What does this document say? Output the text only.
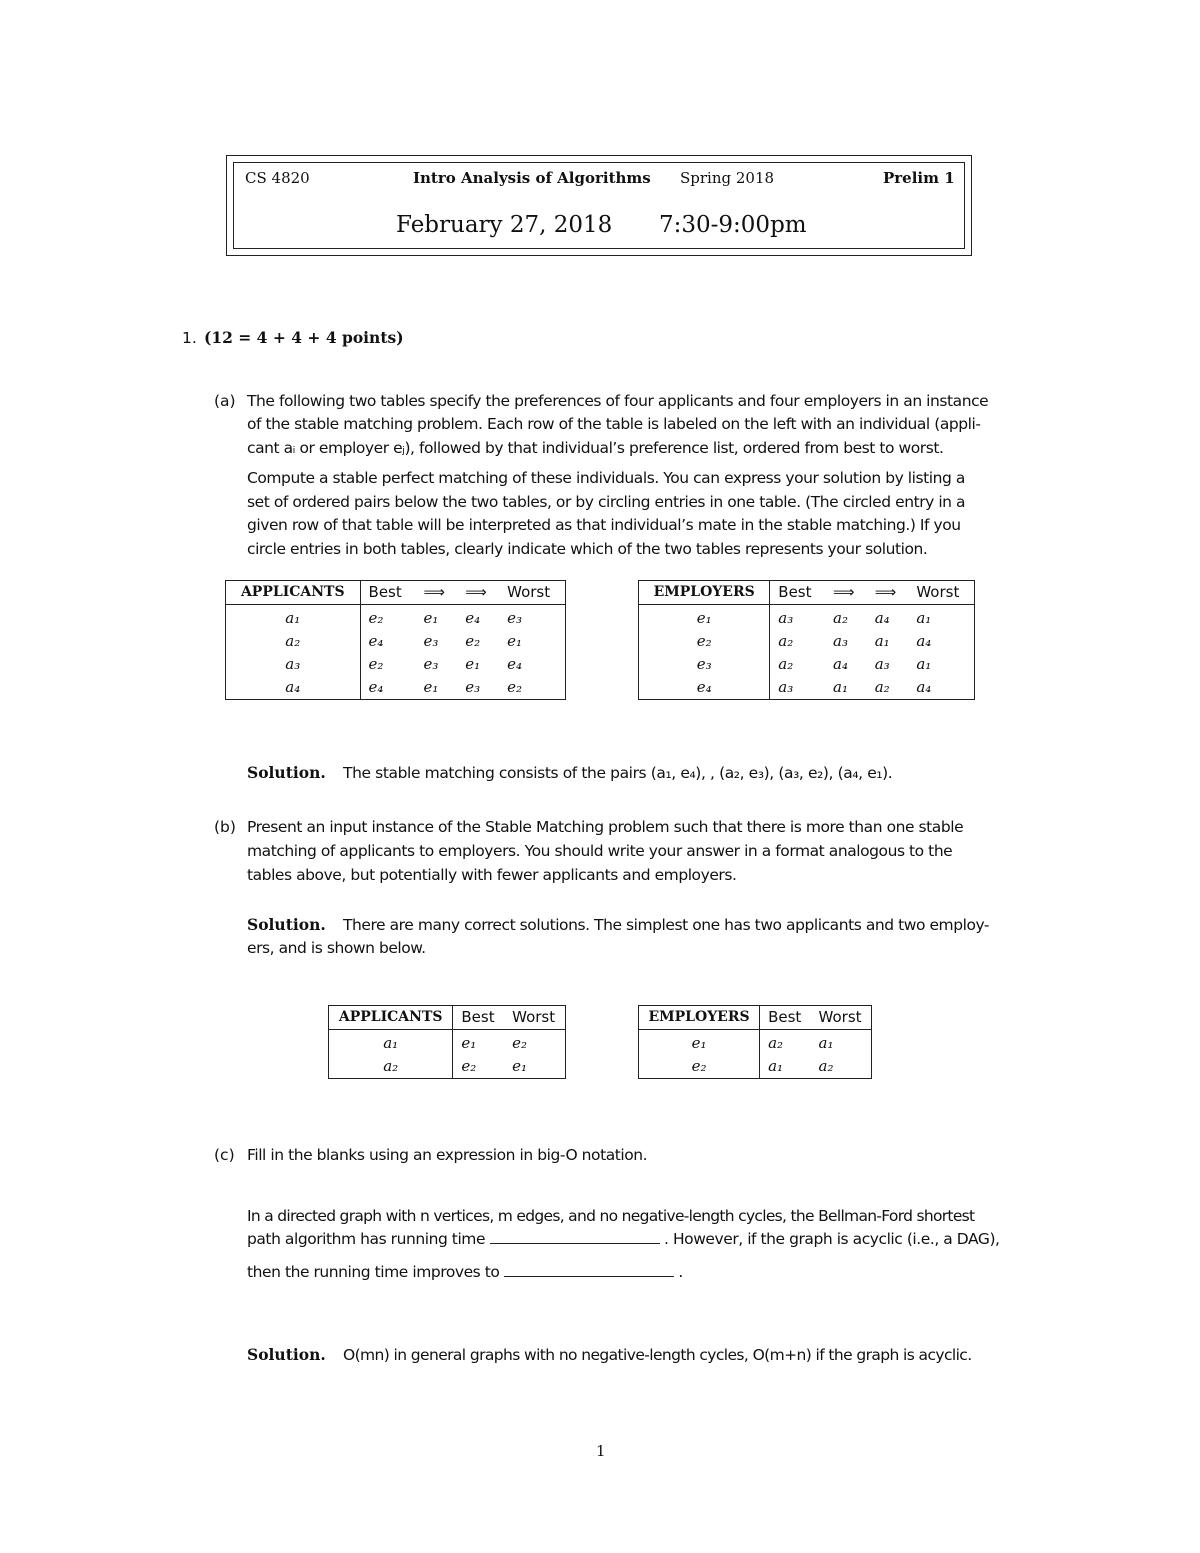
CS 4820	Intro Analysis of Algorithms Spring 2018	Prelim 1
February 27, 2018 7:30-9:00pm
1. (12 = 4 + 4 + 4 points)
(a) The following two tables specify the preferences of four applicants and four employers in an instance
of the stable matching problem. Each row of the table is labeled on the left with an individual (appli-
cant aᵢ or employer eⱼ), followed by that individual’s preference list, ordered from best to worst.
Compute a stable perfect matching of these individuals. You can express your solution by listing a
set of ordered pairs below the two tables, or by circling entries in one table. (The circled entry in a
given row of that table will be interpreted as that individual’s mate in the stable matching.) If you
circle entries in both tables, clearly indicate which of the two tables represents your solution.
APPLICANTS	Best	⟹	⟹	Worst
a₁	e₂	e₁	e₄	e₃
a₂	e₄	e₃	e₂	e₁
a₃	e₂	e₃	e₁	e₄
a₄	e₄	e₁	e₃	e₂
EMPLOYERS	Best	⟹	⟹	Worst
e₁	a₃	a₂	a₄	a₁
e₂	a₂	a₃	a₁	a₄
e₃	a₂	a₄	a₃	a₁
e₄	a₃	a₁	a₂	a₄
Solution. The stable matching consists of the pairs (a₁, e₄), , (a₂, e₃), (a₃, e₂), (a₄, e₁).
(b) Present an input instance of the Stable Matching problem such that there is more than one stable
matching of applicants to employers. You should write your answer in a format analogous to the
tables above, but potentially with fewer applicants and employers.
Solution. There are many correct solutions. The simplest one has two applicants and two employ-
ers, and is shown below.
APPLICANTS	Best	Worst
a₁	e₁	e₂
a₂	e₂	e₁
EMPLOYERS	Best	Worst
e₁	a₂	a₁
e₂	a₁	a₂
(c) Fill in the blanks using an expression in big-O notation.
In a directed graph with n vertices, m edges, and no negative-length cycles, the Bellman-Ford shortest
path algorithm has running time	. However, if the graph is acyclic (i.e., a DAG),
then the running time improves to	.
Solution. O(mn) in general graphs with no negative-length cycles, O(m+n) if the graph is acyclic.
1
